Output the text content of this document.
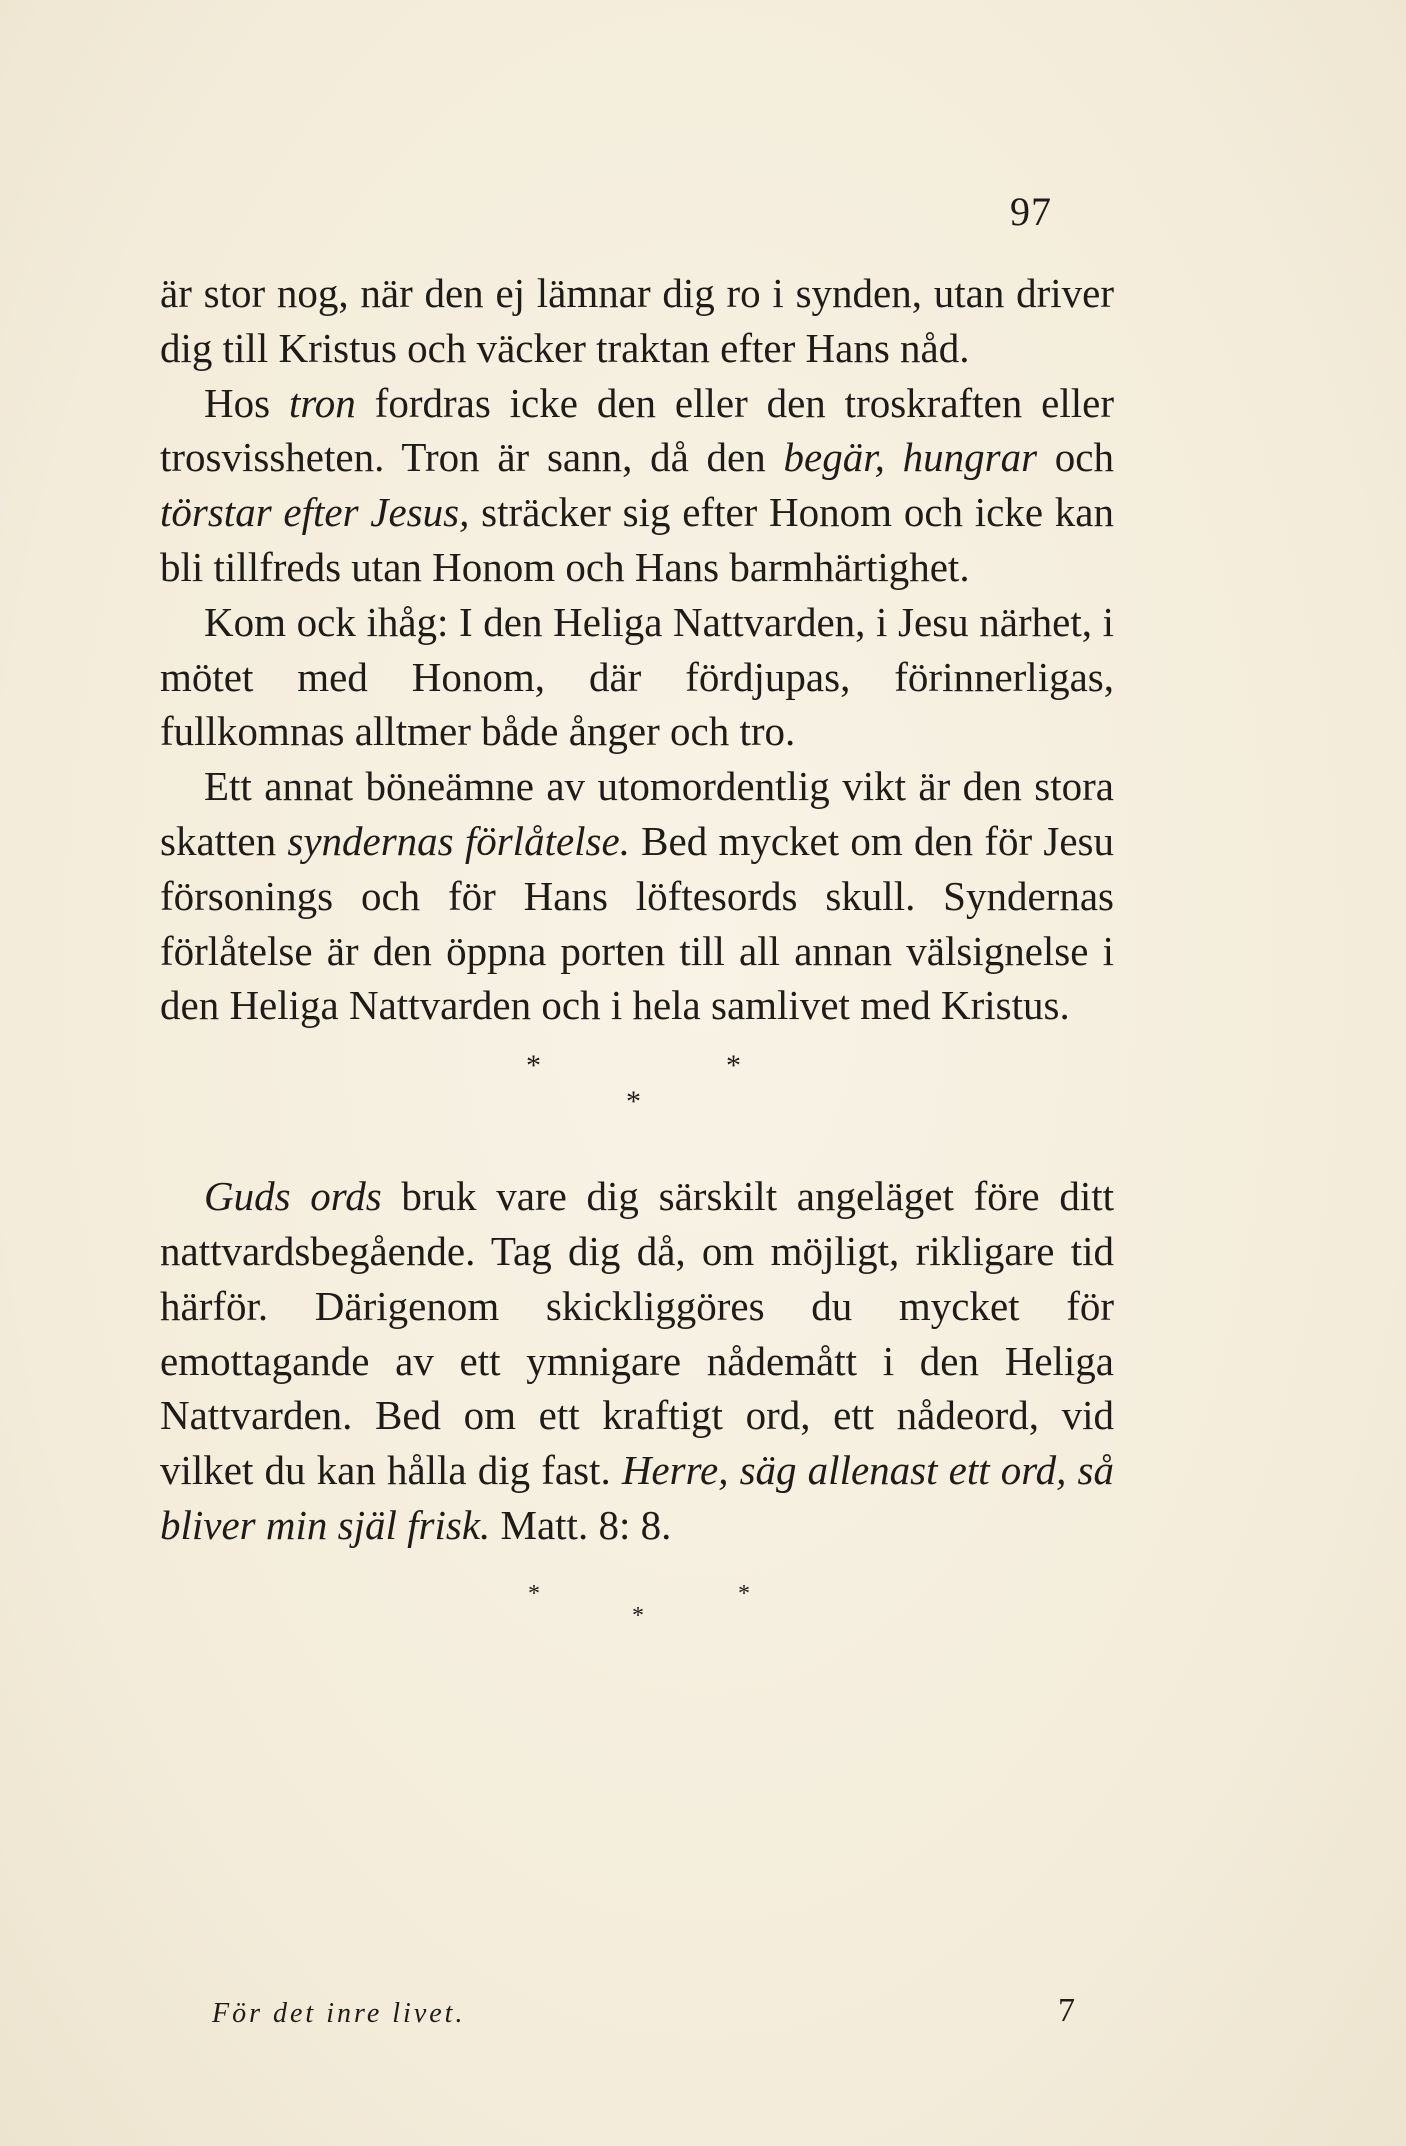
97

är stor nog, när den ej lämnar dig ro i synden, utan driver dig till Kristus och väcker traktan efter Hans nåd.

Hos tron fordras icke den eller den troskraften eller trosvissheten. Tron är sann, då den begär, hungrar och törstar efter Jesus, sträcker sig efter Honom och icke kan bli tillfreds utan Honom och Hans barmhärtighet.

Kom ock ihåg: I den Heliga Nattvarden, i Jesu närhet, i mötet med Honom, där fördjupas, förinnerligas, fullkomnas alltmer både ånger och tro.

Ett annat böneämne av utomordentlig vikt är den stora skatten syndernas förlåtelse. Bed mycket om den för Jesu försonings och för Hans löftesords skull. Syndernas förlåtelse är den öppna porten till all annan välsignelse i den Heliga Nattvarden och i hela samlivet med Kristus.

*	*
*

Guds ords bruk vare dig särskilt angeläget före ditt nattvardsbegående. Tag dig då, om möjligt, rikligare tid härför. Därigenom skickliggöres du mycket för emottagande av ett ymnigare nådemått i den Heliga Nattvarden. Bed om ett kraftigt ord, ett nådeord, vid vilket du kan hålla dig fast. Herre, säg allenast ett ord, så bliver min själ frisk. Matt. 8: 8.

*	*
*
För det inre livet.	7
